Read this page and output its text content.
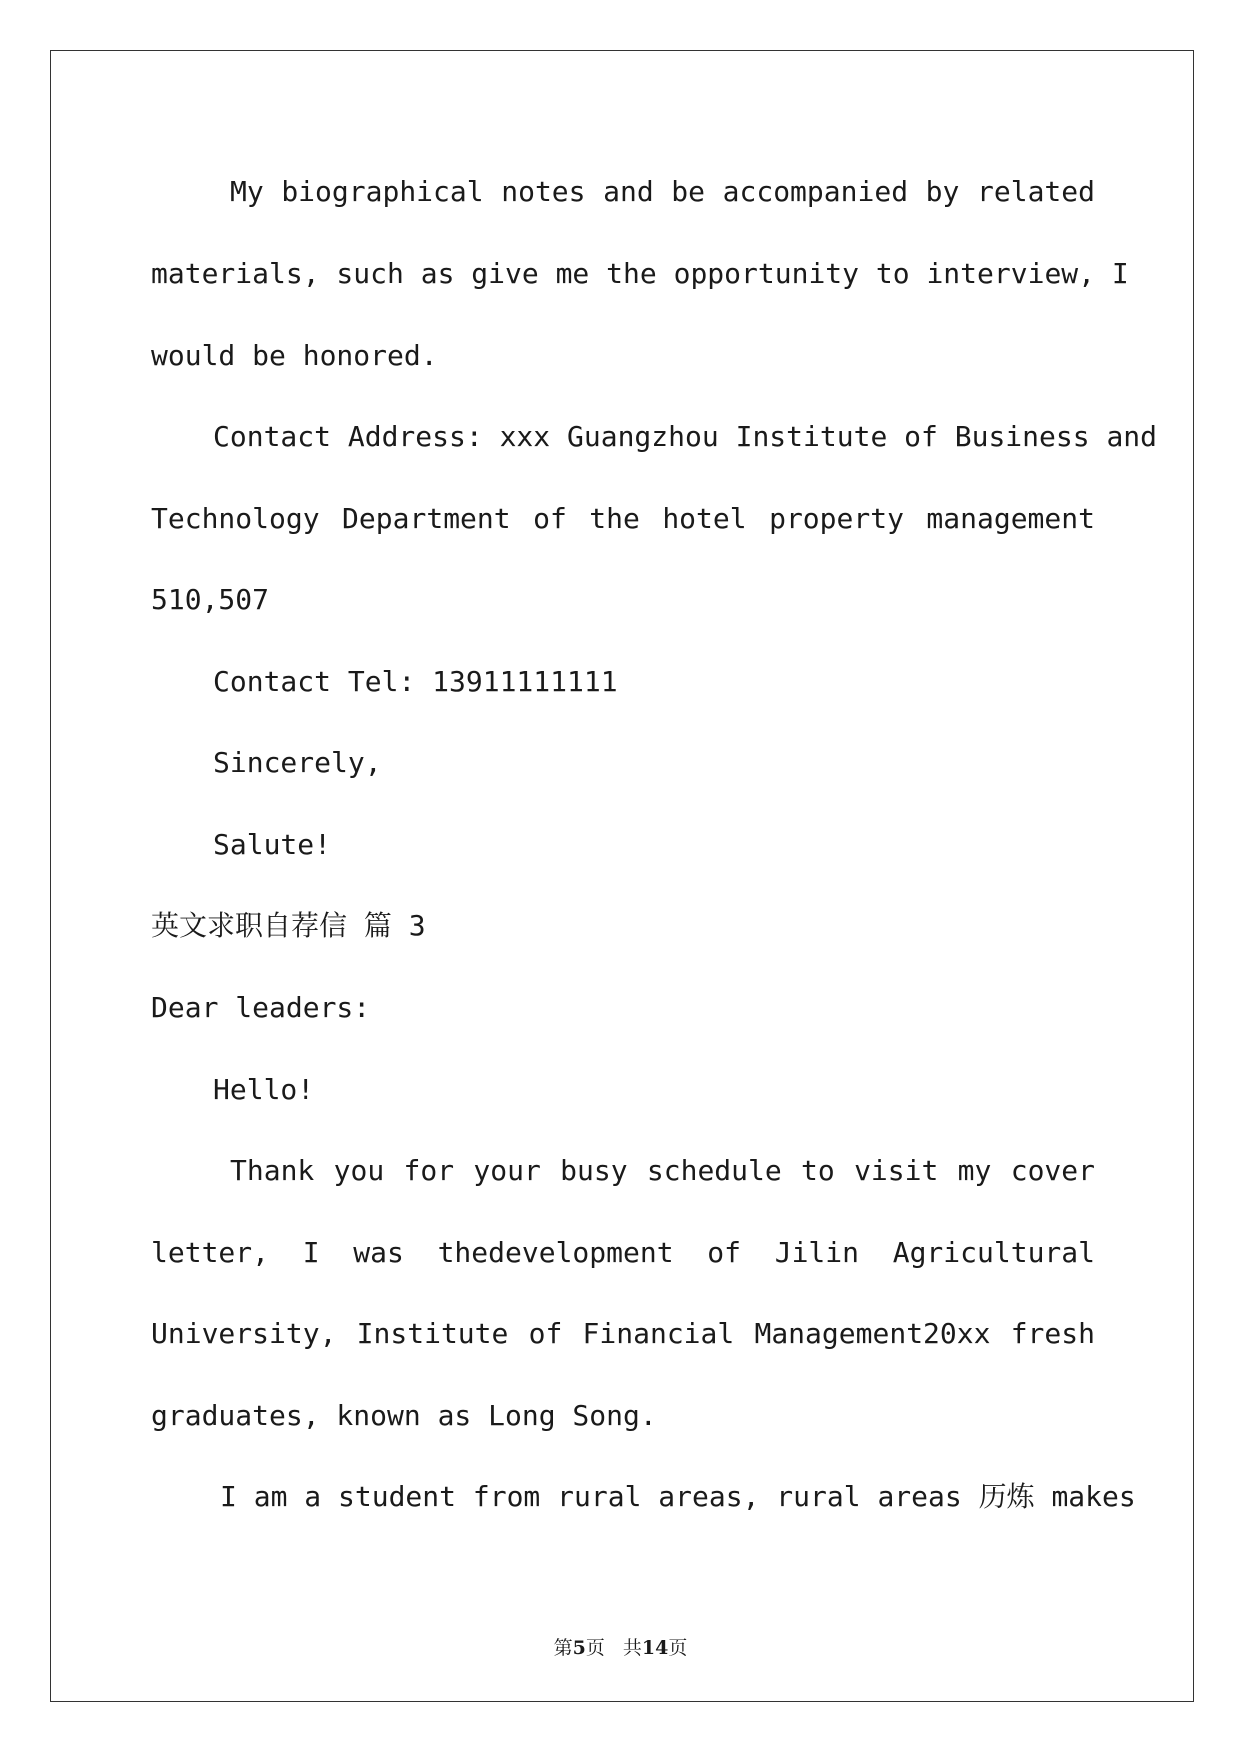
My biographical notes and be accompanied by related
materials, such as give me the opportunity to interview, I
would be honored.
Contact Address: xxx Guangzhou Institute of Business and
Technology Department of the hotel property management
510,507
Contact Tel: 13911111111
Sincerely,
Salute!
英文求职自荐信 篇 3
Dear leaders:
Hello!
Thank you for your busy schedule to visit my cover
letter, I was thedevelopment of Jilin Agricultural
University, Institute of Financial Management20xx fresh
graduates, known as Long Song.
I am a student from rural areas, rural areas 历炼 makes
第5页 共14页
